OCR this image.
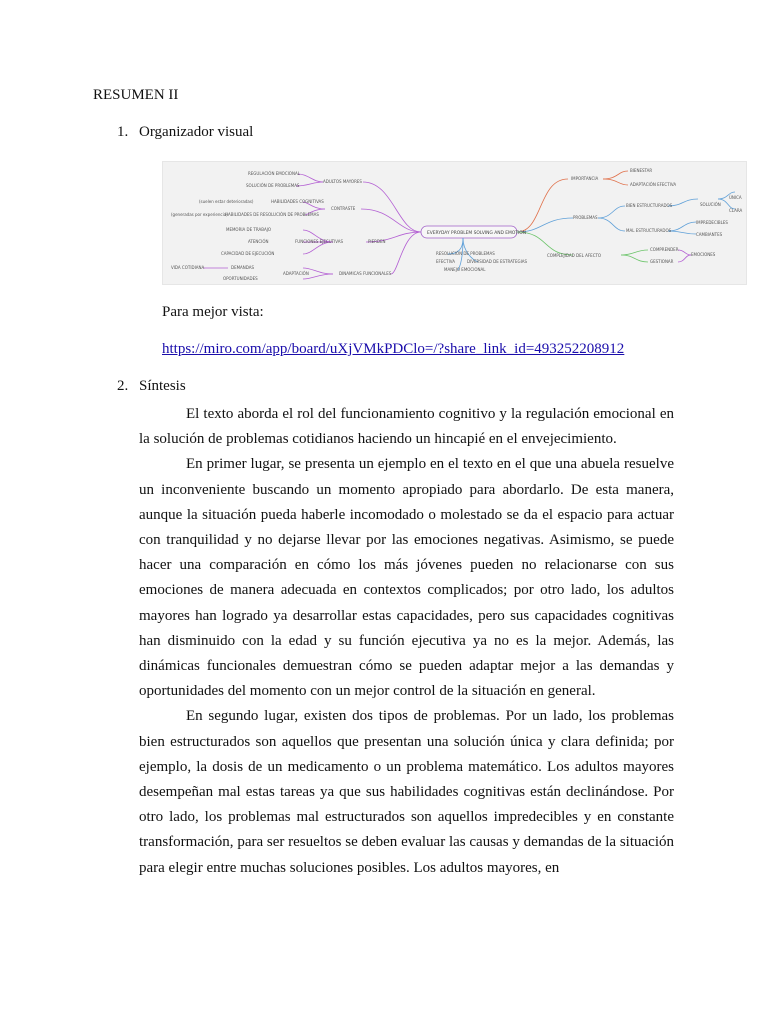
RESUMEN II
1. Organizador visual
EVERYDAY PROBLEM SOLVING AND EMOTION
ADULTOS MAYORES
REGULACIÓN EMOCIONAL
SOLUCIÓN DE PROBLEMAS
CONTRASTE
HABILIDADES COGNITIVAS
HABILIDADES DE RESOLUCIÓN DE PROBLEMAS
(suelen estar deterioradas)
(generadas por experiencia)
PIERDEN
FUNCIONES EJECUTIVAS
MEMORIA DE TRABAJO
ATENCIÓN
CAPACIDAD DE EJECUCIÓN
DINAMICAS FUNCIONALES
ADAPTACIÓN
DEMANDAS
OPORTUNIDADES
VIDA COTIDIANA
IMPORTANCIA
BIENESTAR
ADAPTACIÓN EFECTIVA
PROBLEMAS
BIEN ESTRUCTURADOS	SOLUCIÓN
ÚNICA
CLARA
MAL ESTRUCTURADOS
IMPREDECIBLES
CAMBIANTES
COMPLEJIDAD DEL AFECTO
COMPRENDER
GESTIONAR
EMOCIONES
RESOLUCIÓN DE PROBLEMAS
EFECTIVA	DIVERSIDAD DE ESTRATEGIAS
MANEJO EMOCIONAL
Para mejor vista:
https://miro.com/app/board/uXjVMkPDClo=/?share_link_id=493252208912
2. Síntesis

El texto aborda el rol del funcionamiento cognitivo y la regulación emocional en la solución de problemas cotidianos haciendo un hincapié en el envejecimiento.

En primer lugar, se presenta un ejemplo en el texto en el que una abuela resuelve un inconveniente buscando un momento apropiado para abordarlo. De esta manera, aunque la situación pueda haberle incomodado o molestado se da el espacio para actuar con tranquilidad y no dejarse llevar por las emociones negativas. Asimismo, se puede hacer una comparación en cómo los más jóvenes pueden no relacionarse con sus emociones de manera adecuada en contextos complicados; por otro lado, los adultos mayores han logrado ya desarrollar estas capacidades, pero sus capacidades cognitivas han disminuido con la edad y su función ejecutiva ya no es la mejor. Además, las dinámicas funcionales demuestran cómo se pueden adaptar mejor a las demandas y oportunidades del momento con un mejor control de la situación en general.

En segundo lugar, existen dos tipos de problemas. Por un lado, los problemas bien estructurados son aquellos que presentan una solución única y clara definida; por ejemplo, la dosis de un medicamento o un problema matemático. Los adultos mayores desempeñan mal estas tareas ya que sus habilidades cognitivas están declinándose. Por otro lado, los problemas mal estructurados son aquellos impredecibles y en constante transformación, para ser resueltos se deben evaluar las causas y demandas de la situación para elegir entre muchas soluciones posibles. Los adultos mayores, en
